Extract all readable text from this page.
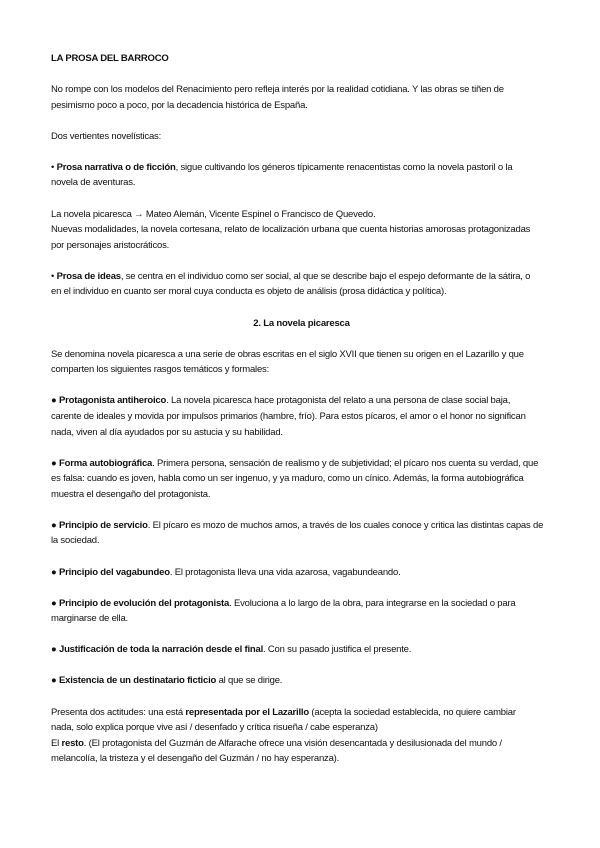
LA PROSA DEL BARROCO

No rompe con los modelos del Renacimiento pero refleja interés por la realidad cotidiana. Y las obras se tiñen de

pesimismo poco a poco, por la decadencia histórica de España.

Dos vertientes novelísticas:

• Prosa narrativa o de ficción, sigue cultivando los géneros típicamente renacentistas como la novela pastoril o la

novela de aventuras.

La novela picaresca → Mateo Alemán, Vicente Espinel o Francisco de Quevedo.

Nuevas modalidades, la novela cortesana, relato de localización urbana que cuenta historias amorosas protagonizadas

por personajes aristocráticos.

• Prosa de ideas, se centra en el individuo como ser social, al que se describe bajo el espejo deformante de la sátira, o

en el individuo en cuanto ser moral cuya conducta es objeto de análisis (prosa didáctica y política).

2. La novela picaresca

Se denomina novela picaresca a una serie de obras escritas en el siglo XVII que tienen su origen en el Lazarillo y que

comparten los siguientes rasgos temáticos y formales:

● Protagonista antiheroico. La novela picaresca hace protagonista del relato a una persona de clase social baja,

carente de ideales y movida por impulsos primarios (hambre, frío). Para estos pícaros, el amor o el honor no significan

nada, viven al día ayudados por su astucia y su habilidad.

● Forma autobiográfica. Primera persona, sensación de realismo y de subjetividad; el pícaro nos cuenta su verdad, que

es falsa: cuando es joven, habla como un ser ingenuo, y ya maduro, como un cínico. Además, la forma autobiográfica

muestra el desengaño del protagonista.

● Principio de servicio. El pícaro es mozo de muchos amos, a través de los cuales conoce y critica las distintas capas de

la sociedad.

● Principio del vagabundeo. El protagonista lleva una vida azarosa, vagabundeando.

● Principio de evolución del protagonista. Evoluciona a lo largo de la obra, para integrarse en la sociedad o para

marginarse de ella.

● Justificación de toda la narración desde el final. Con su pasado justifica el presente.

● Existencia de un destinatario ficticio al que se dirige.

Presenta dos actitudes: una está representada por el Lazarillo (acepta la sociedad establecida, no quiere cambiar

nada, solo explica porque vive así / desenfado y crítica risueña / cabe esperanza)

El resto. (El protagonista del Guzmán de Alfarache ofrece una visión desencantada y desilusionada del mundo /

melancolía, la tristeza y el desengaño del Guzmán / no hay esperanza).
